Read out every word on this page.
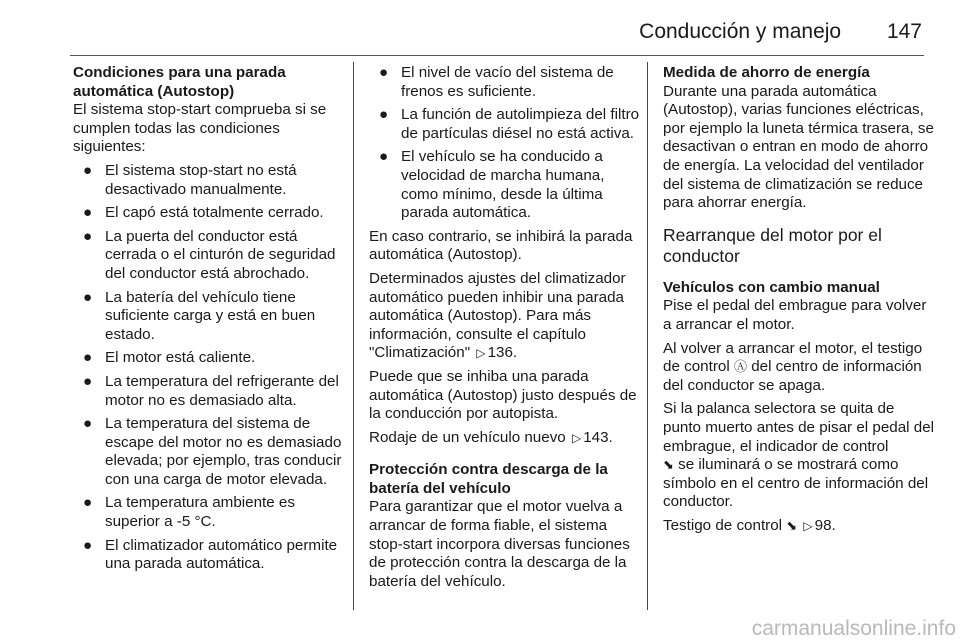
Conducción y manejo 147

Condiciones para una parada automática (Autostop)

El sistema stop-start comprueba si se cumplen todas las condiciones siguientes:

● El sistema stop-start no está desactivado manualmente.
● El capó está totalmente cerrado.
● La puerta del conductor está cerrada o el cinturón de seguridad del conductor está abrochado.
● La batería del vehículo tiene suficiente carga y está en buen estado.
● El motor está caliente.
● La temperatura del refrigerante del motor no es demasiado alta.
● La temperatura del sistema de escape del motor no es demasiado elevada; por ejemplo, tras conducir con una carga de motor elevada.
● La temperatura ambiente es superior a -5 °C.
● El climatizador automático permite una parada automática.
● El nivel de vacío del sistema de frenos es suficiente.
● La función de autolimpieza del filtro de partículas diésel no está activa.
● El vehículo se ha conducido a velocidad de marcha humana, como mínimo, desde la última parada automática.

En caso contrario, se inhibirá la parada automática (Autostop).

Determinados ajustes del climatizador automático pueden inhibir una parada automática (Autostop). Para más información, consulte el capítulo "Climatización" ▷ 136.

Puede que se inhiba una parada automática (Autostop) justo después de la conducción por autopista.

Rodaje de un vehículo nuevo ▷ 143.

Protección contra descarga de la batería del vehículo

Para garantizar que el motor vuelva a arrancar de forma fiable, el sistema stop-start incorpora diversas funciones de protección contra la descarga de la batería del vehículo.

Medida de ahorro de energía

Durante una parada automática (Autostop), varias funciones eléctricas, por ejemplo la luneta térmica trasera, se desactivan o entran en modo de ahorro de energía. La velocidad del ventilador del sistema de climatización se reduce para ahorrar energía.

Rearranque del motor por el conductor

Vehículos con cambio manual

Pise el pedal del embrague para volver a arrancar el motor.

Al volver a arrancar el motor, el testigo de control Ⓐ del centro de información del conductor se apaga.

Si la palanca selectora se quita de punto muerto antes de pisar el pedal del embrague, el indicador de control
⬊ se iluminará o se mostrará como símbolo en el centro de información del conductor.

Testigo de control ⬊ ▷ 98.

carmanualsonline.info
